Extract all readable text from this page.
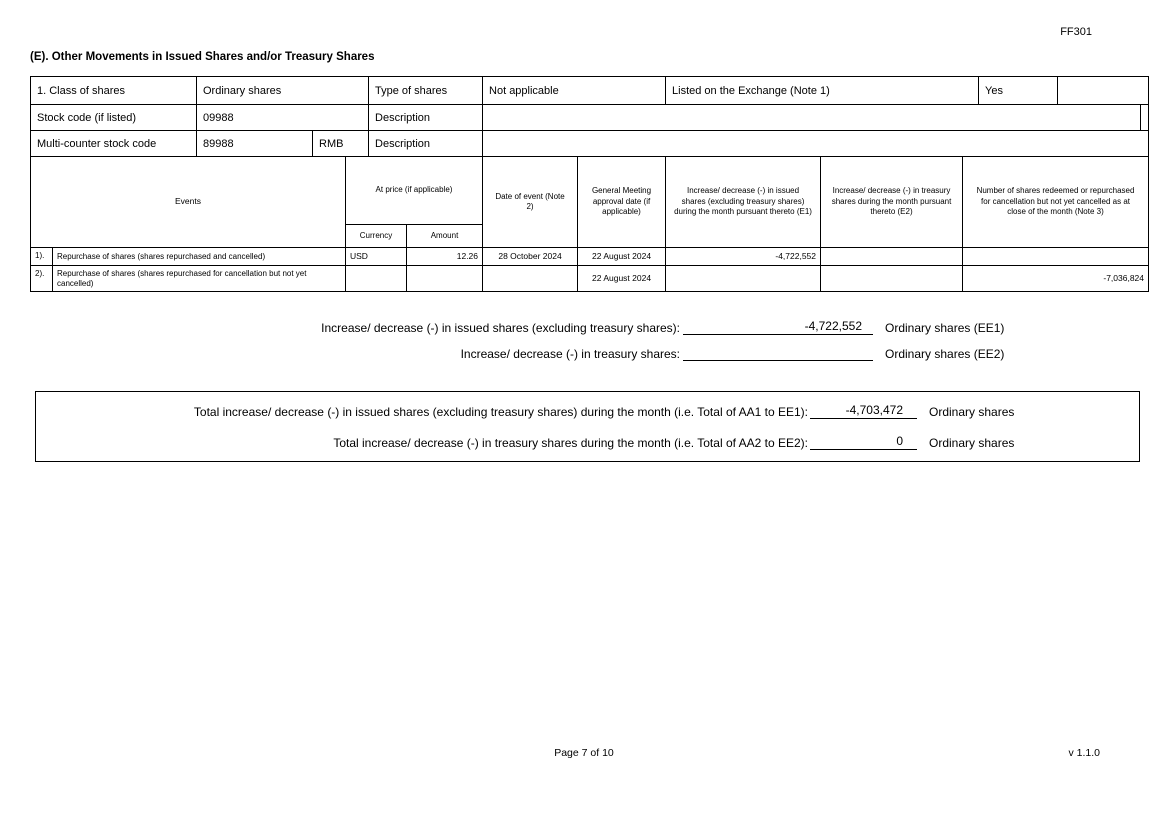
FF301
(E). Other Movements in Issued Shares and/or Treasury Shares
1. Class of shares	Ordinary shares		Type of shares	Not applicable	Listed on the Exchange (Note 1)	Yes		
Stock code (if listed)	09988		Description					
Multi-counter stock code	89988	RMB	Description					
Events		At price (if applicable)		Date of event (Note 2)	General Meeting approval date (if applicable)	Increase/ decrease (-) in issued shares (excluding treasury shares) during the month pursuant thereto (E1)	Increase/ decrease (-) in treasury shares during the month pursuant thereto (E2)	Number of shares redeemed or repurchased for cancellation but not yet cancelled as at close of the month (Note 3)
		Currency	Amount					
1).	Repurchase of shares (shares repurchased and cancelled)	USD	12.26	28 October 2024	22 August 2024	-4,722,552		
2).	Repurchase of shares (shares repurchased for cancellation but not yet cancelled)				22 August 2024			-7,036,824
Increase/ decrease (-) in issued shares (excluding treasury shares):	-4,722,552	Ordinary shares (EE1)
Increase/ decrease (-) in treasury shares:	Ordinary shares (EE2)
Total increase/ decrease (-) in issued shares (excluding treasury shares) during the month (i.e. Total of AA1 to EE1):	-4,703,472	Ordinary shares
Total increase/ decrease (-) in treasury shares during the month (i.e. Total of AA2 to EE2):	0	Ordinary shares
Page 7 of 10	v 1.1.0
